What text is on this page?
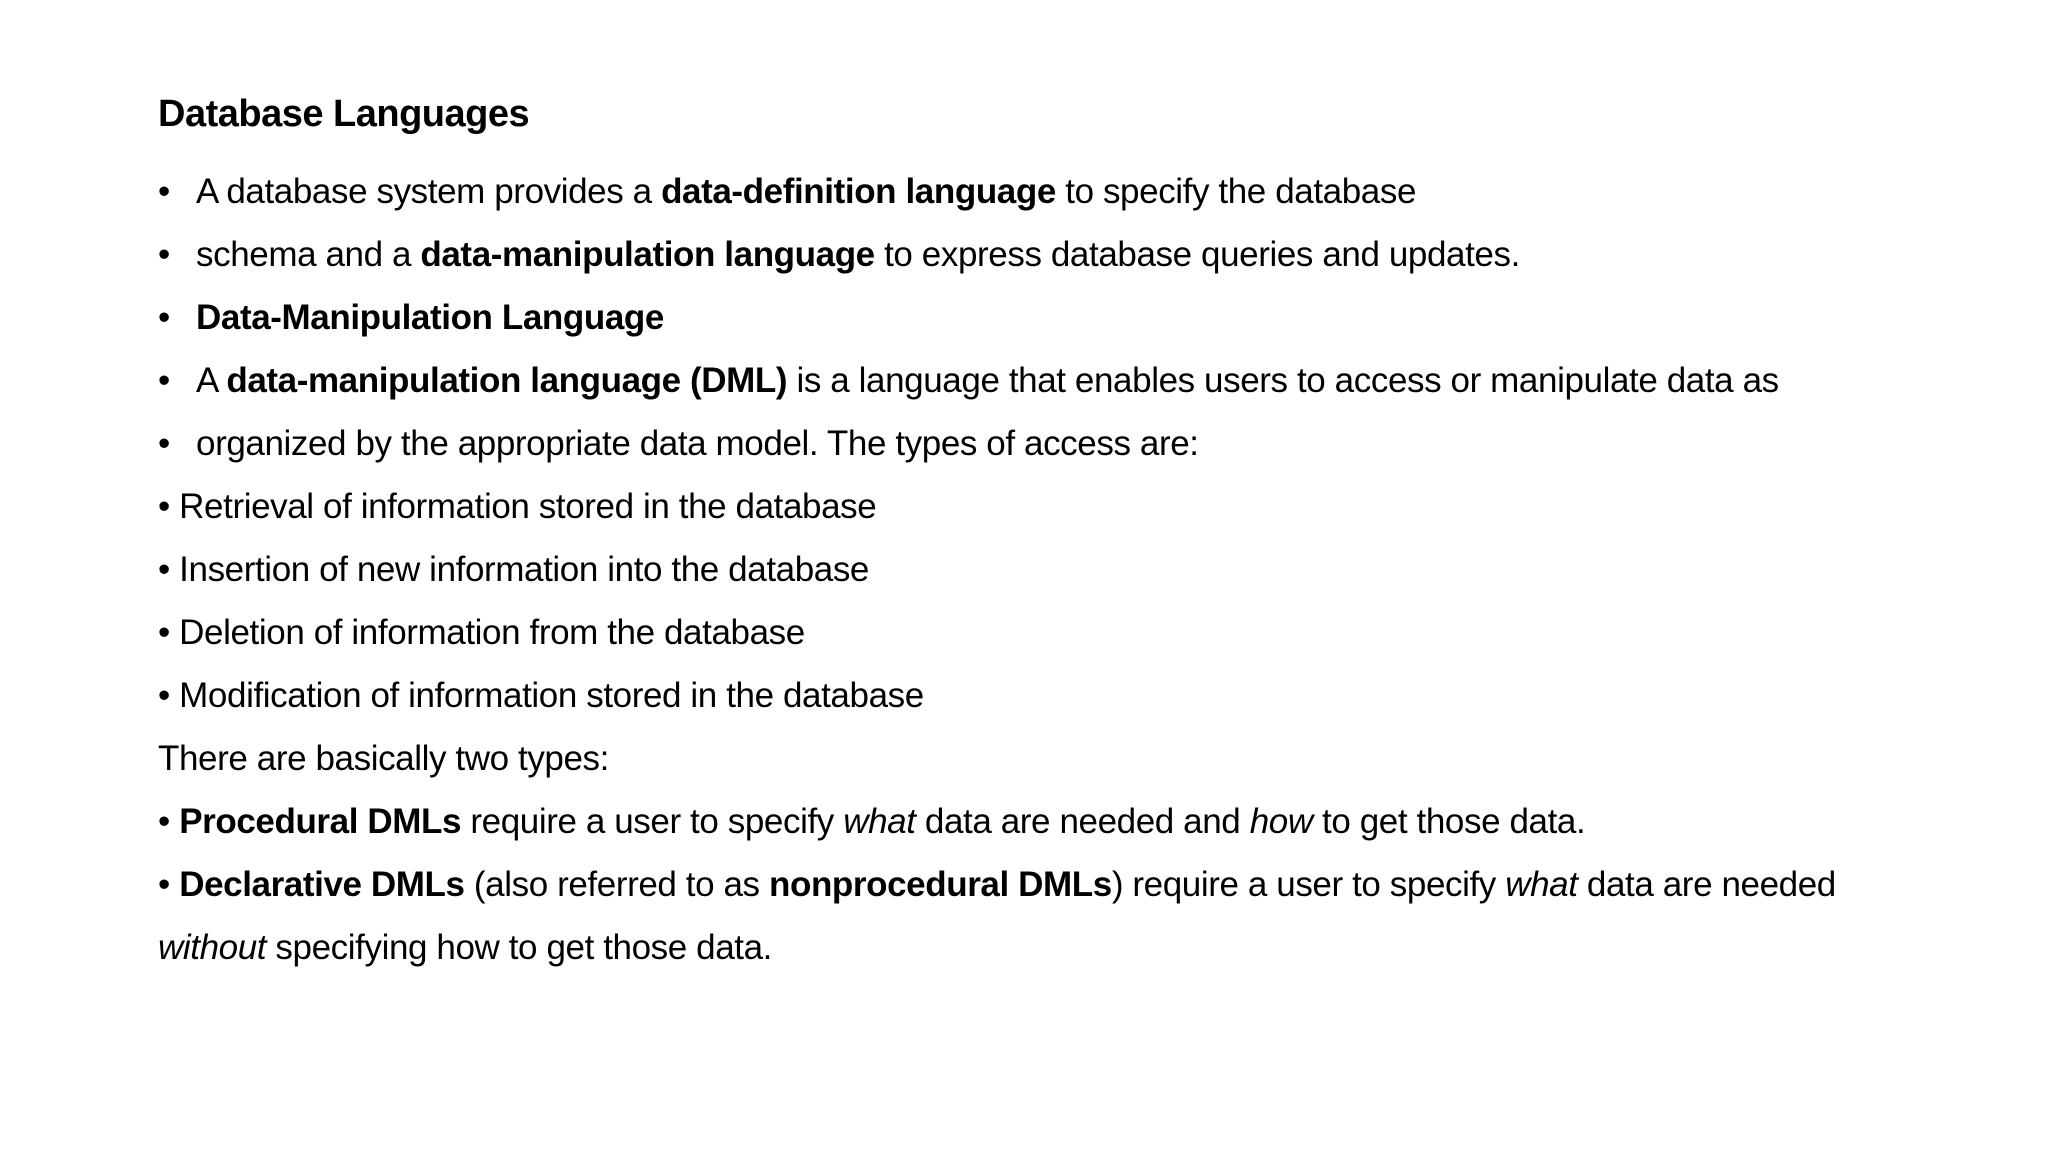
Database Languages
• A database system provides a data-definition language to specify the database
• schema and a data-manipulation language to express database queries and updates.
• Data-Manipulation Language
• A data-manipulation language (DML) is a language that enables users to access or manipulate data as
• organized by the appropriate data model. The types of access are:
• Retrieval of information stored in the database
• Insertion of new information into the database
• Deletion of information from the database
• Modification of information stored in the database
There are basically two types:
• Procedural DMLs require a user to specify what data are needed and how to get those data.
• Declarative DMLs (also referred to as nonprocedural DMLs) require a user to specify what data are needed
without specifying how to get those data.
